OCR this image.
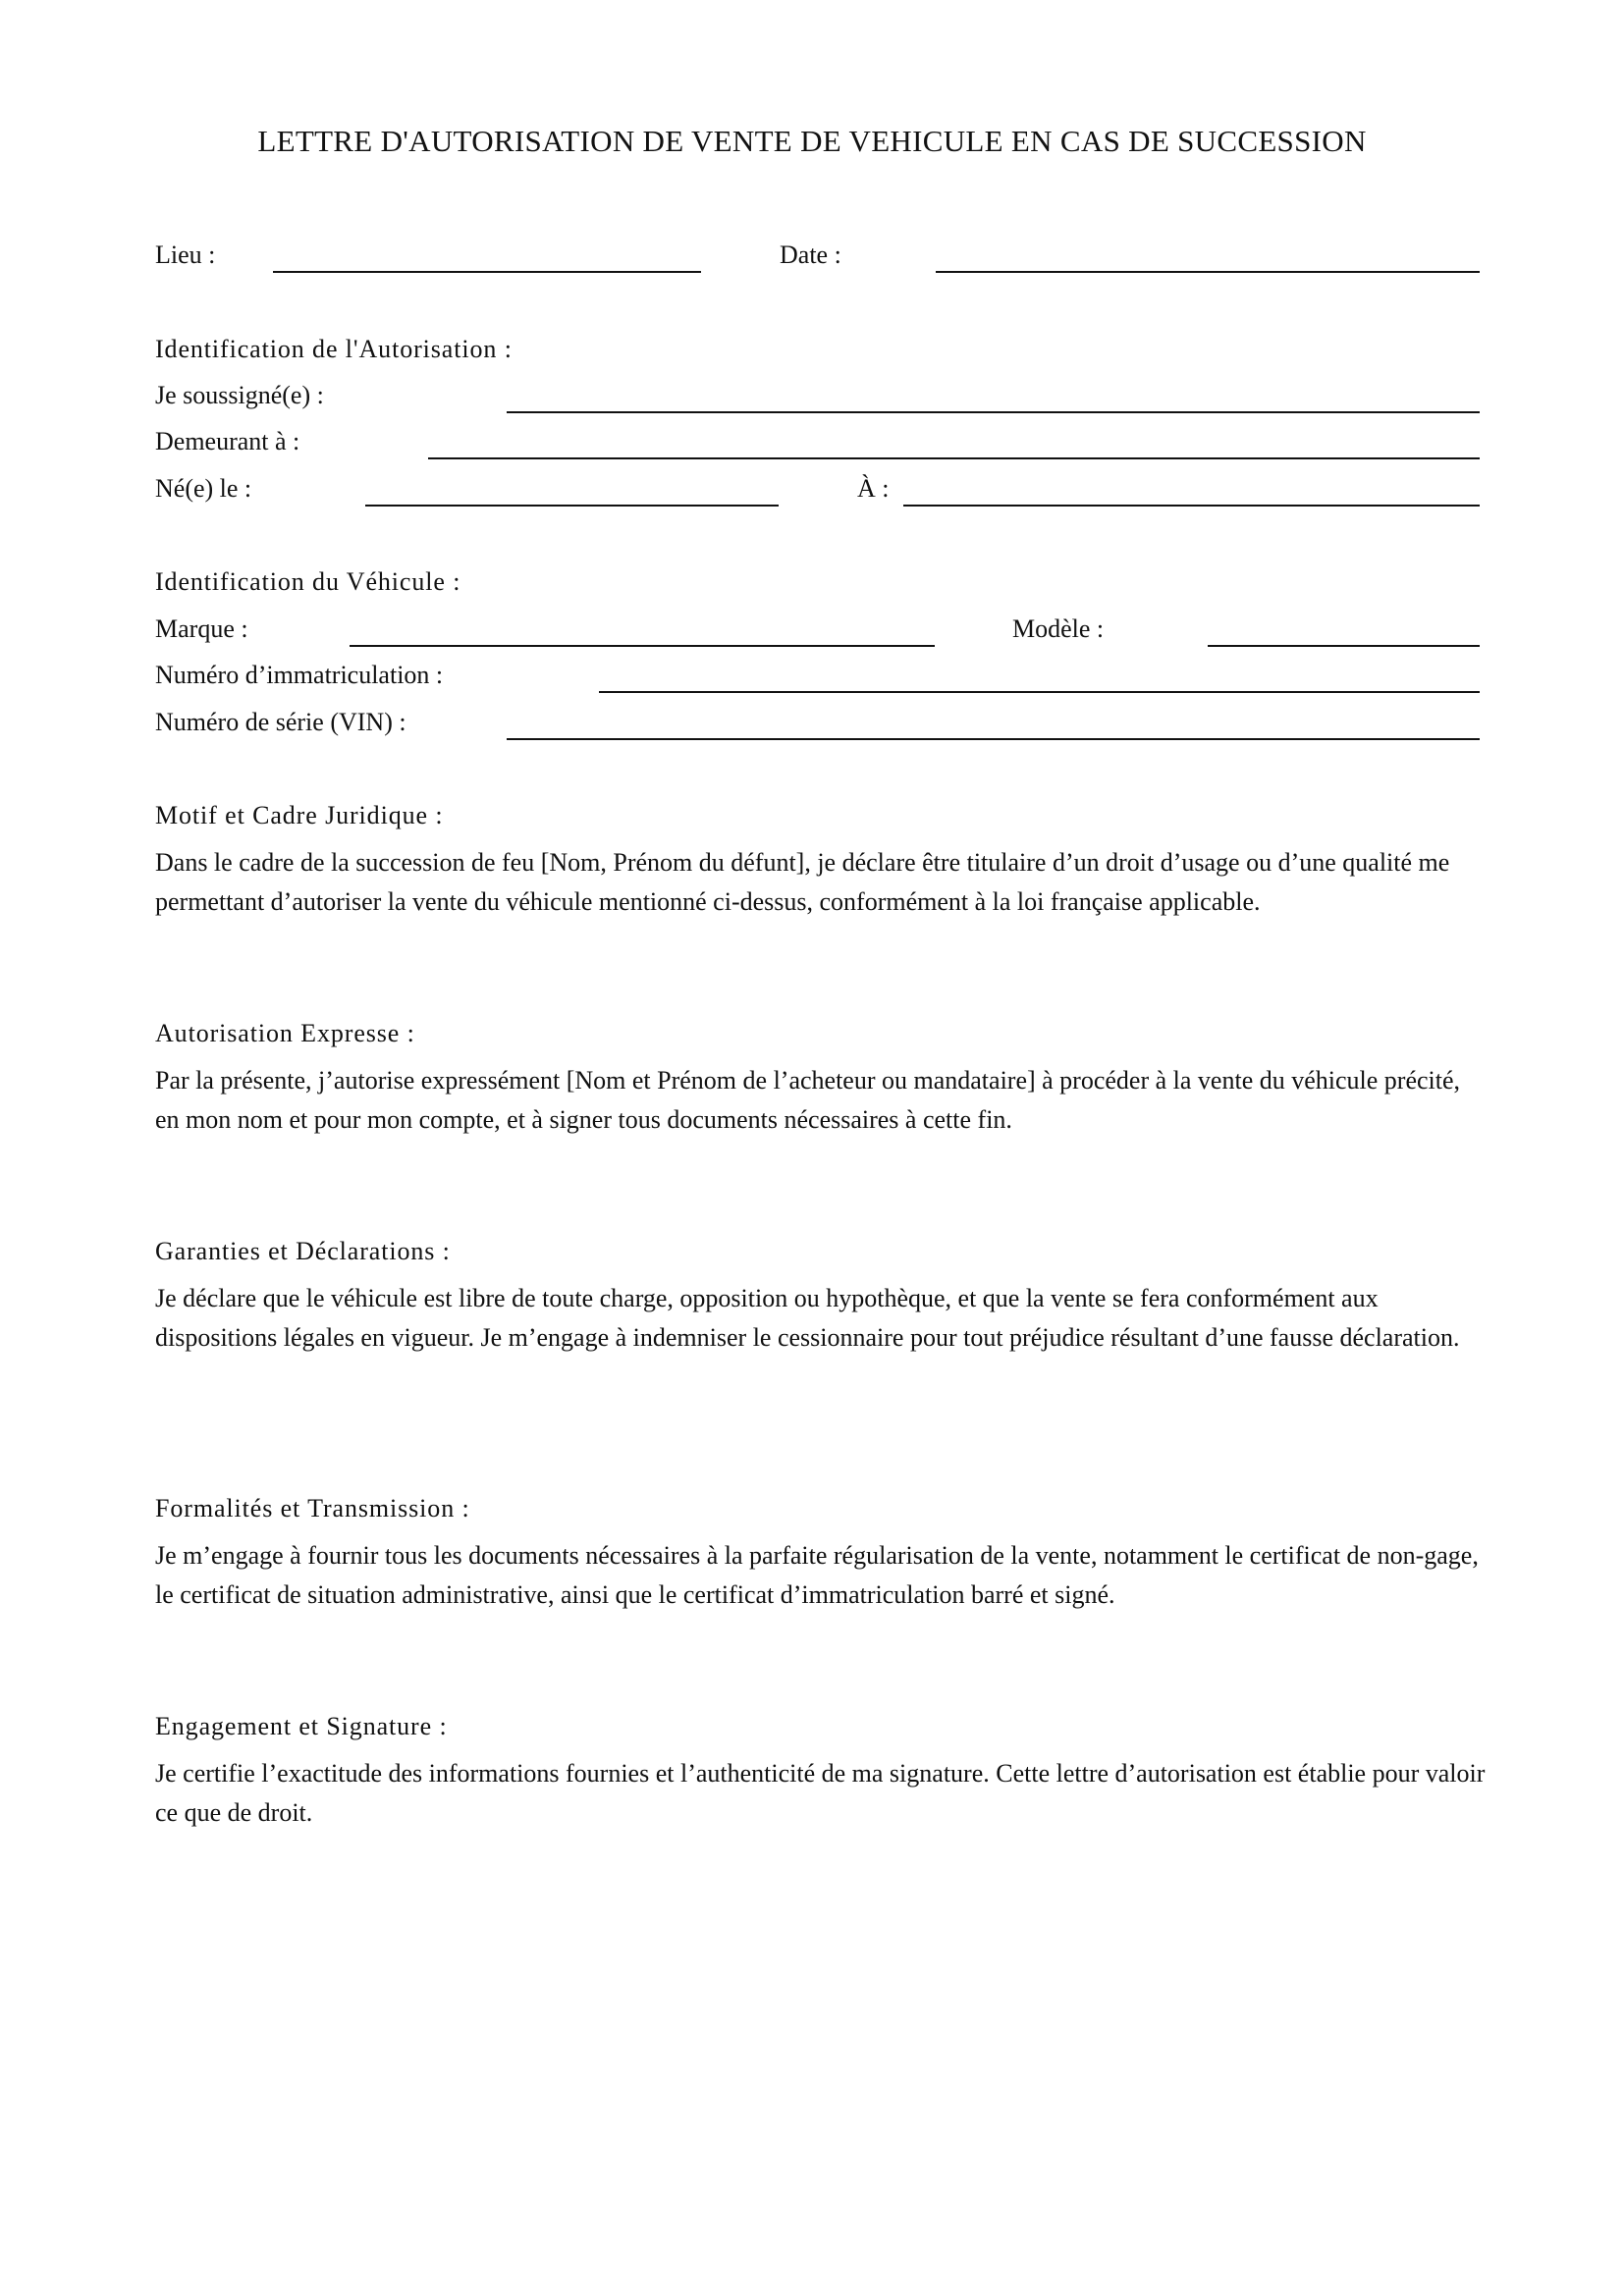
LETTRE D'AUTORISATION DE VENTE DE VEHICULE EN CAS DE SUCCESSION
Lieu :	Date :
Identification de l'Autorisation :
Je soussigné(e) :
Demeurant à :
Né(e) le :	À :
Identification du Véhicule :
Marque :	Modèle :
Numéro d’immatriculation :
Numéro de série (VIN) :
Motif et Cadre Juridique :

Dans le cadre de la succession de feu [Nom, Prénom du défunt], je déclare être titulaire d’un droit d’usage ou d’une qualité me permettant d’autoriser la vente du véhicule mentionné ci-dessus, conformément à la loi française applicable.

Autorisation Expresse :

Par la présente, j’autorise expressément [Nom et Prénom de l’acheteur ou mandataire] à procéder à la vente du véhicule précité, en mon nom et pour mon compte, et à signer tous documents nécessaires à cette fin.

Garanties et Déclarations :

Je déclare que le véhicule est libre de toute charge, opposition ou hypothèque, et que la vente se fera conformément aux dispositions légales en vigueur. Je m’engage à indemniser le cessionnaire pour tout préjudice résultant d’une fausse déclaration.

Formalités et Transmission :

Je m’engage à fournir tous les documents nécessaires à la parfaite régularisation de la vente, notamment le certificat de non-gage, le certificat de situation administrative, ainsi que le certificat d’immatriculation barré et signé.

Engagement et Signature :

Je certifie l’exactitude des informations fournies et l’authenticité de ma signature. Cette lettre d’autorisation est établie pour valoir ce que de droit.
